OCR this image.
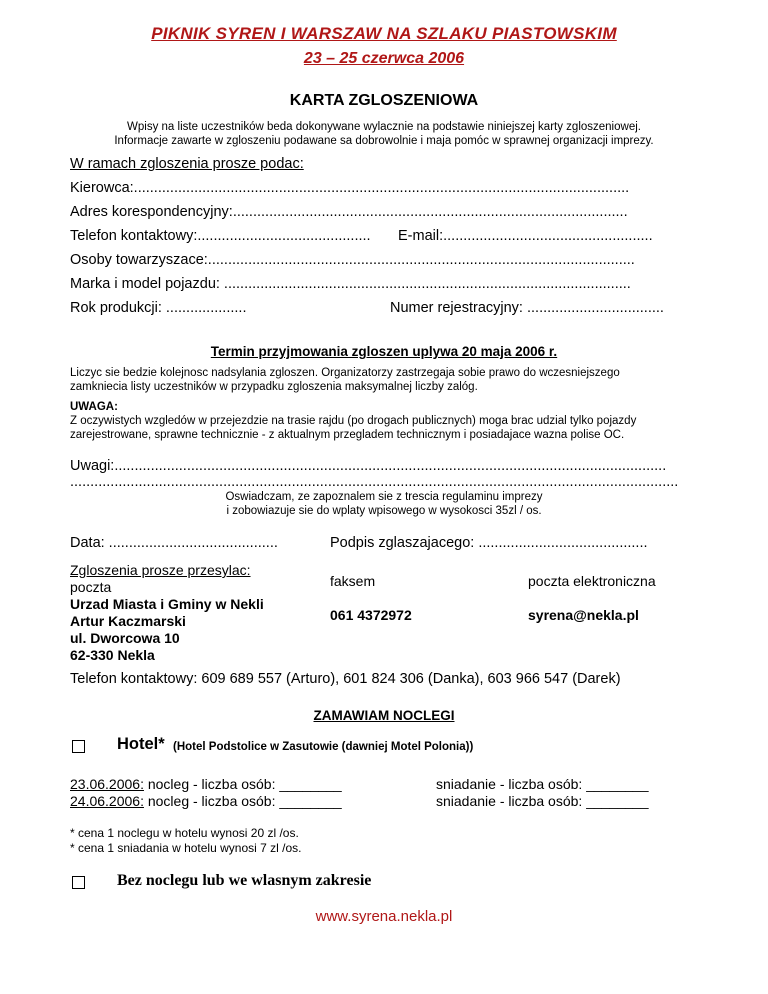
PIKNIK SYREN I WARSZAW NA SZLAKU PIASTOWSKIM
23 – 25 czerwca 2006
KARTA ZGLOSZENIOWA
Wpisy na liste uczestników beda dokonywane wylacznie na podstawie niniejszej karty zgloszeniowej.
Informacje zawarte w zgloszeniu podawane sa dobrowolnie i maja pomóc w sprawnej organizacji imprezy.
W ramach zgloszenia prosze podac:
Kierowca:...........................................................................................................................
Adres korespondencyjny:..................................................................................................
Telefon kontaktowy:........................................... E-mail:....................................................
Osoby towarzyszace:..........................................................................................................
Marka i model pojazdu: .....................................................................................................
Rok produkcji: ....................	Numer rejestracyjny: ..................................
Termin przyjmowania zgloszen uplywa 20 maja 2006 r.
Liczyc sie bedzie kolejnosc nadsylania zgloszen. Organizatorzy zastrzegaja sobie prawo do wczesniejszego
zamkniecia listy uczestników w przypadku zgloszenia maksymalnej liczby zalóg.
UWAGA:
Z oczywistych wzgledów w przejezdzie na trasie rajdu (po drogach publicznych) moga brac udzial tylko pojazdy
zarejestrowane, sprawne technicznie - z aktualnym przegladem technicznym i posiadajace wazna polise OC.
Uwagi:.........................................................................................................................................
.......................................................................................................................................................
Oswiadczam, ze zapoznalem sie z trescia regulaminu imprezy
i zobowiazuje sie do wplaty wpisowego w wysokosci 35zl / os.
Data: ..........................................	Podpis zglaszajacego: ..........................................
Zgloszenia prosze przesylac:
poczta
Urzad Miasta i Gminy w Nekli
Artur Kaczmarski
ul. Dworcowa 10
62-330 Nekla
faksem
061 4372972
poczta elektroniczna
syrena@nekla.pl
Telefon kontaktowy: 609 689 557 (Arturo), 601 824 306 (Danka), 603 966 547 (Darek)
ZAMAWIAM NOCLEGI
Hotel* (Hotel Podstolice w Zasutowie (dawniej Motel Polonia))
23.06.2006: nocleg - liczba osób: ________
24.06.2006: nocleg - liczba osób: ________
sniadanie - liczba osób: ________
sniadanie - liczba osób: ________
* cena 1 noclegu w hotelu wynosi 20 zl /os.
* cena 1 sniadania w hotelu wynosi 7 zl /os.
Bez noclegu lub we wlasnym zakresie
www.syrena.nekla.pl
